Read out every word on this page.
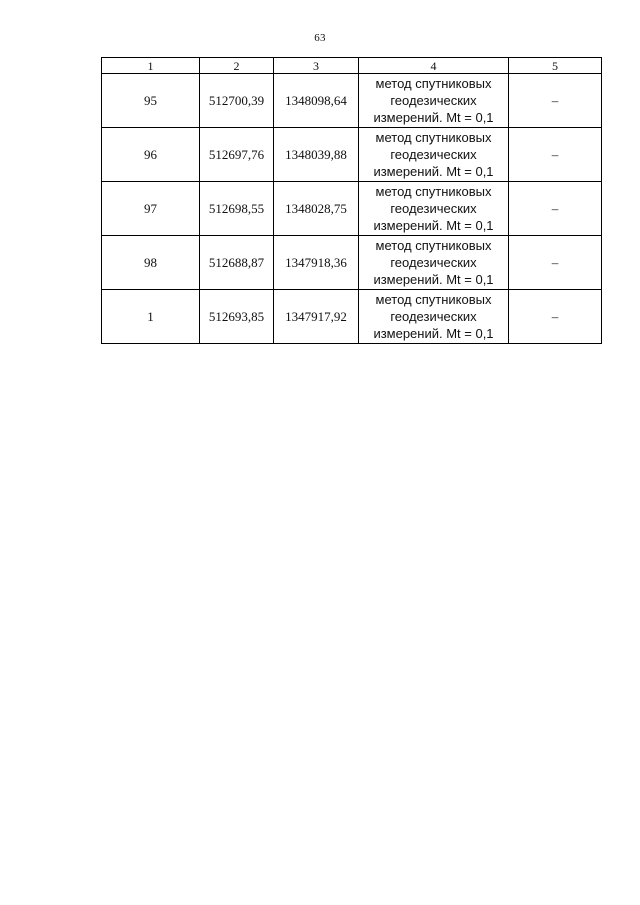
63
1	2	3	4	5
95	512700,39	1348098,64	метод спутниковых
геодезических
измерений. Mt = 0,1	–
96	512697,76	1348039,88	метод спутниковых
геодезических
измерений. Mt = 0,1	–
97	512698,55	1348028,75	метод спутниковых
геодезических
измерений. Mt = 0,1	–
98	512688,87	1347918,36	метод спутниковых
геодезических
измерений. Mt = 0,1	–
1	512693,85	1347917,92	метод спутниковых
геодезических
измерений. Mt = 0,1	–
